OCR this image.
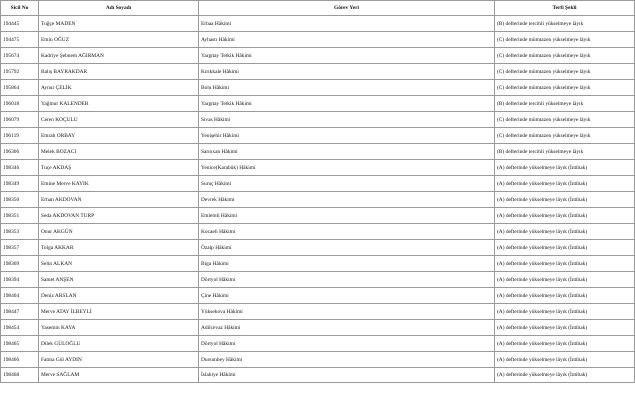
Sicil No	Adı Soyadı	Görev Yeri	Terfi Şekli
194445	Tuğçe MADEN	Erbaa Hâkimi	(B) defterinde tercihli yükselmeye lâyık
194475	Emin OĞUZ	Ayhastı Hâkimi	(C) defterinde mümtazen yükselmeye lâyık
195674	Kadriye Şebnem AĞIRMAN	Yargıtay Tetkik Hâkimi	(C) defterinde mümtazen yükselmeye lâyık
195792	Balış BAYRAKDAR	Kırıkkale Hâkimi	(C) defterinde mümtazen yükselmeye lâyık
195864	Aynur ÇELİK	Bolu Hâkimi	(C) defterinde mümtazen yükselmeye lâyık
196018	Yağmur KALENDER	Yargıtay Tetkik Hâkimi	(B) defterinde tercihli yükselmeye lâyık
196079	Ceren KOÇULU	Sivas Hâkimi	(C) defterinde mümtazen yükselmeye lâyık
196119	Emrah ORBAY	Yenişehir Hâkimi	(C) defterinde mümtazen yükselmeye lâyık
196306	Melek BOZACI	Sarıoxan Hâkimi	(B) defterinde tercihli yükselmeye lâyık
198346	Tuçe AKDAŞ	Yenice(Karabük) Hâkimi	(A) defterinde yükselmeye lâyık (İntibak)
198349	Emine Merve KAYIK	Suruç Hâkimi	(A) defterinde yükselmeye lâyık (İntibak)
198350	Erhan AKDOVAN	Devrek Hâkimi	(A) defterinde yükselmeye lâyık (İntibak)
198351	Seda AKDOVAN TURP	Emlemli Hâkimi	(A) defterinde yükselmeye lâyık (İntibak)
198353	Onur AKGÜN	Kocaeli Hâkimi	(A) defterinde yükselmeye lâyık (İntibak)
198357	Tolga AKKAR	Özalp Hâkimi	(A) defterinde yükselmeye lâyık (İntibak)
198369	Selin ALKAN	Biga Hâkimi	(A) defterinde yükselmeye lâyık (İntibak)
198394	Samet ANŞEN	Dörtyol Hâkimi	(A) defterinde yükselmeye lâyık (İntibak)
198404	Deniz ARSLAN	Çine Hâkimi	(A) defterinde yükselmeye lâyık (İntibak)
198447	Merve ATAY İLBEYLİ	Yüksekova Hâkimi	(A) defterinde yükselmeye lâyık (İntibak)
198454	Yasemin KAYA	Adilcevaz Hâkimi	(A) defterinde yükselmeye lâyık (İntibak)
198465	Dilek GÜLOĞLU	Dörtyol Hâkimi	(A) defterinde yükselmeye lâyık (İntibak)
198466	Fatma Gül AYDIN	Dursunbey Hâkimi	(A) defterinde yükselmeye lâyık (İntibak)
198468	Merve SAĞLAM	İslahiye Hâkimi	(A) defterinde yükselmeye lâyık (İntibak)
